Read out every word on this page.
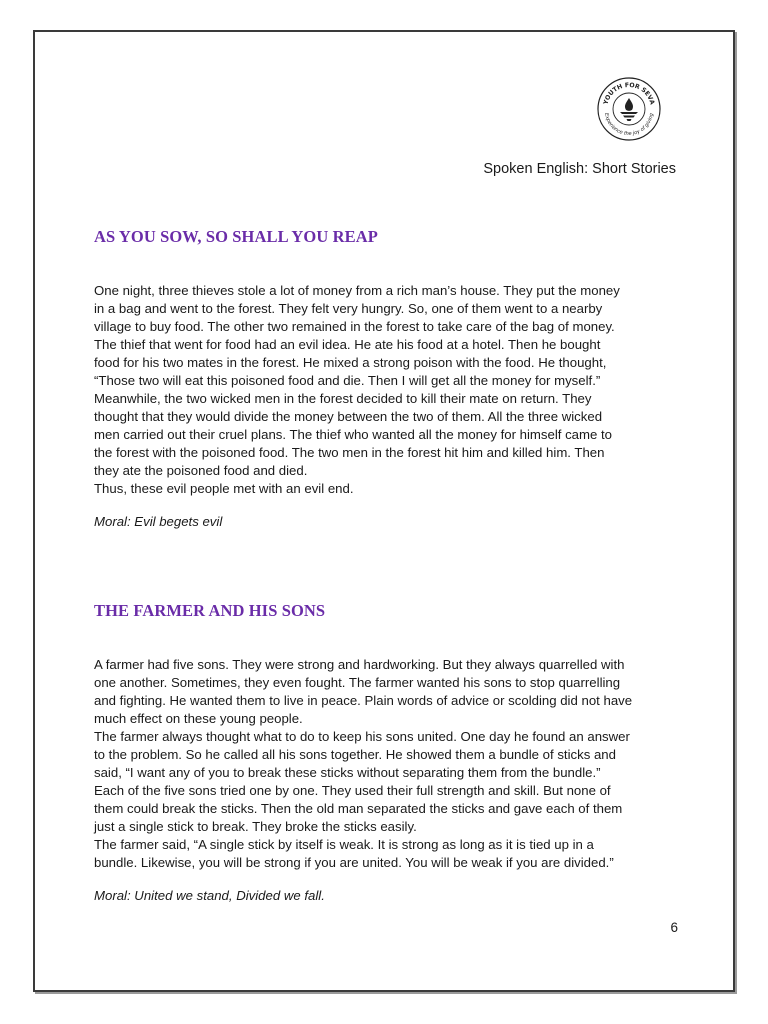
YOUTH FOR SEVA
Experience the joy of giving
Spoken English: Short Stories
AS YOU SOW, SO SHALL YOU REAP
One night, three thieves stole a lot of money from a rich man’s house. They put the money
in a bag and went to the forest. They felt very hungry. So, one of them went to a nearby
village to buy food. The other two remained in the forest to take care of the bag of money.
The thief that went for food had an evil idea. He ate his food at a hotel. Then he bought
food for his two mates in the forest. He mixed a strong poison with the food. He thought,
“Those two will eat this poisoned food and die. Then I will get all the money for myself.”
Meanwhile, the two wicked men in the forest decided to kill their mate on return. They
thought that they would divide the money between the two of them. All the three wicked
men carried out their cruel plans. The thief who wanted all the money for himself came to
the forest with the poisoned food. The two men in the forest hit him and killed him. Then
they ate the poisoned food and died.
Thus, these evil people met with an evil end.
Moral: Evil begets evil
THE FARMER AND HIS SONS
A farmer had five sons. They were strong and hardworking. But they always quarrelled with
one another. Sometimes, they even fought. The farmer wanted his sons to stop quarrelling
and fighting. He wanted them to live in peace. Plain words of advice or scolding did not have
much effect on these young people.
The farmer always thought what to do to keep his sons united. One day he found an answer
to the problem. So he called all his sons together. He showed them a bundle of sticks and
said, “I want any of you to break these sticks without separating them from the bundle.”
Each of the five sons tried one by one. They used their full strength and skill. But none of
them could break the sticks. Then the old man separated the sticks and gave each of them
just a single stick to break. They broke the sticks easily.
The farmer said, “A single stick by itself is weak. It is strong as long as it is tied up in a
bundle. Likewise, you will be strong if you are united. You will be weak if you are divided.”
Moral: United we stand, Divided we fall.
6
